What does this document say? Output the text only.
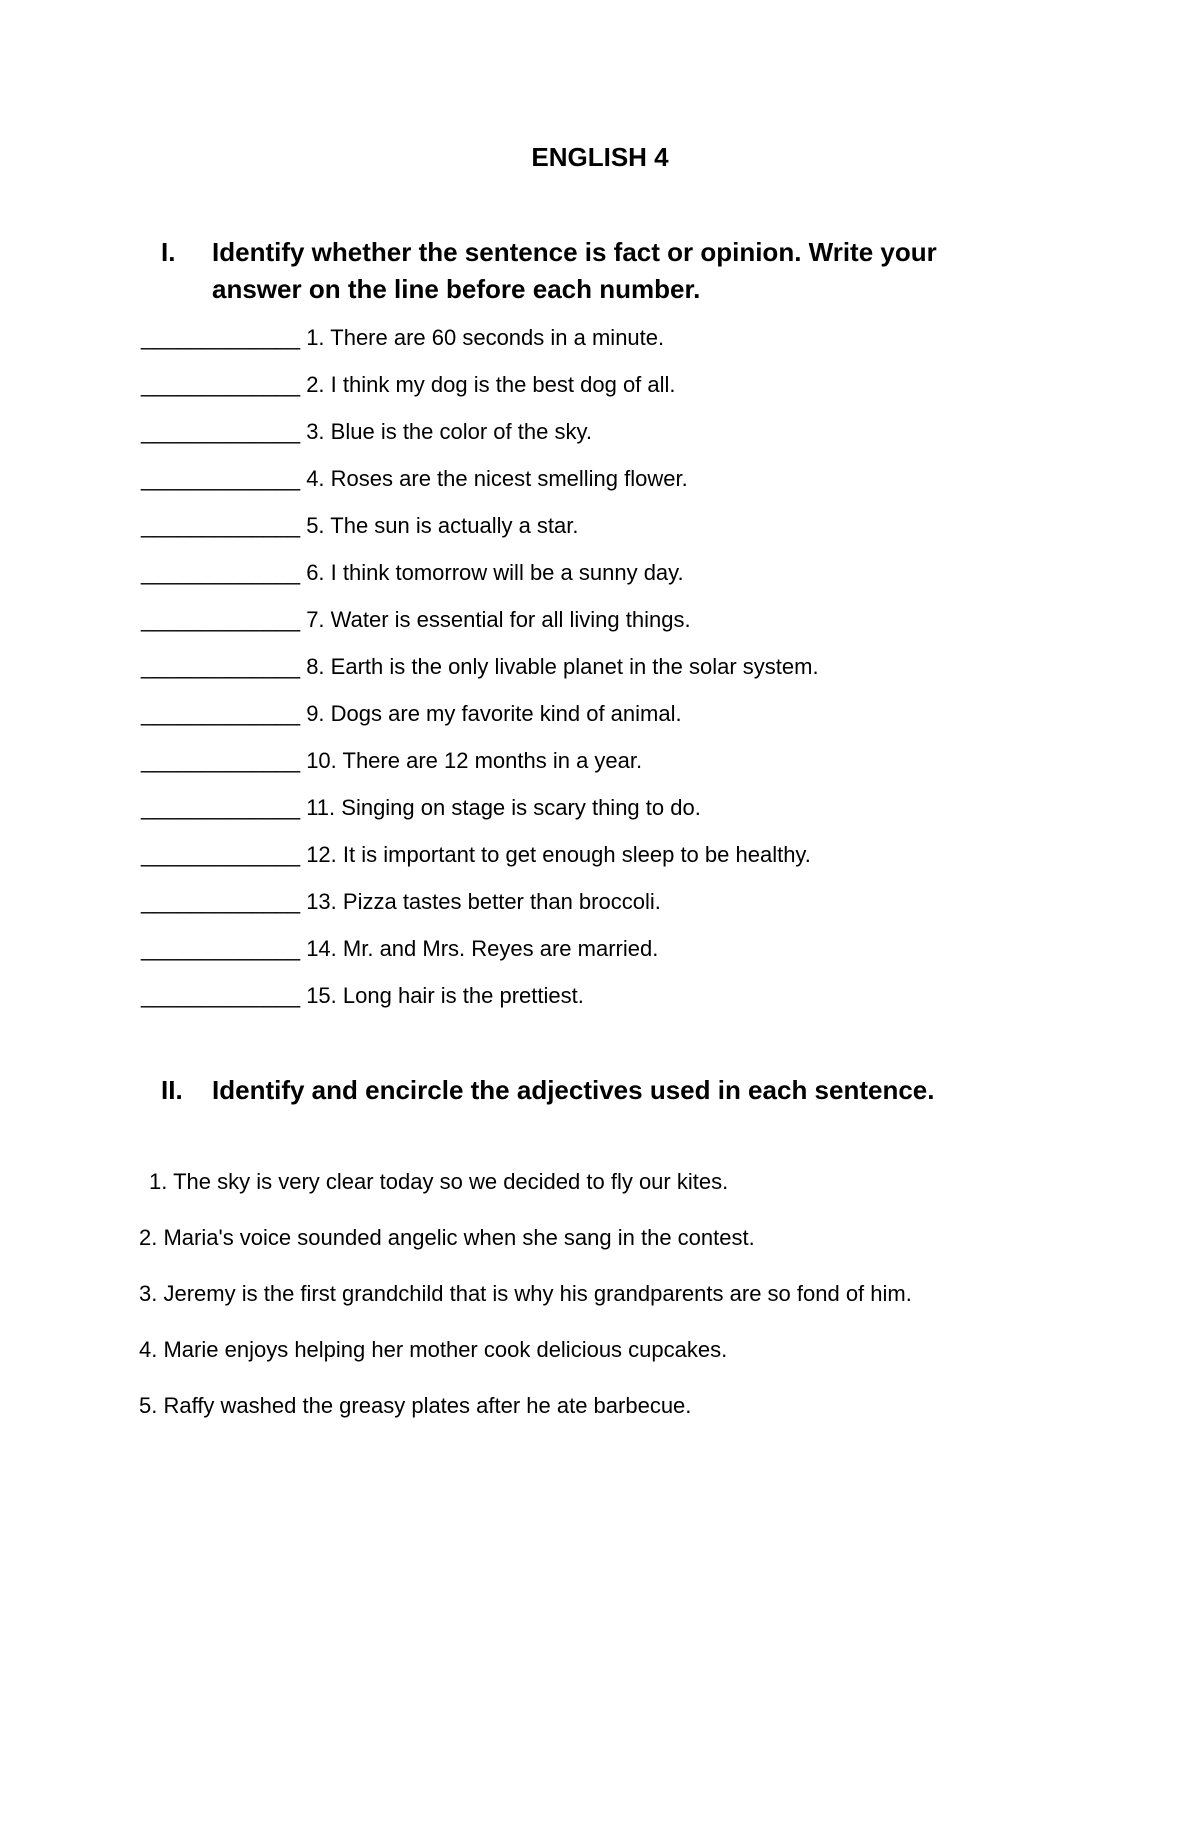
ENGLISH 4
I. Identify whether the sentence is fact or opinion. Write your answer on the line before each number.
_____________ 1. There are 60 seconds in a minute.
_____________ 2. I think my dog is the best dog of all.
_____________ 3. Blue is the color of the sky.
_____________ 4. Roses are the nicest smelling flower.
_____________ 5. The sun is actually a star.
_____________ 6. I think tomorrow will be a sunny day.
_____________ 7. Water is essential for all living things.
_____________ 8. Earth is the only livable planet in the solar system.
_____________ 9. Dogs are my favorite kind of animal.
_____________ 10. There are 12 months in a year.
_____________ 11. Singing on stage is scary thing to do.
_____________ 12. It is important to get enough sleep to be healthy.
_____________ 13. Pizza tastes better than broccoli.
_____________ 14. Mr. and Mrs. Reyes are married.
_____________ 15. Long hair is the prettiest.
II. Identify and encircle the adjectives used in each sentence.
1. The sky is very clear today so we decided to fly our kites.
2. Maria's voice sounded angelic when she sang in the contest.
3. Jeremy is the first grandchild that is why his grandparents are so fond of him.
4. Marie enjoys helping her mother cook delicious cupcakes.
5. Raffy washed the greasy plates after he ate barbecue.
